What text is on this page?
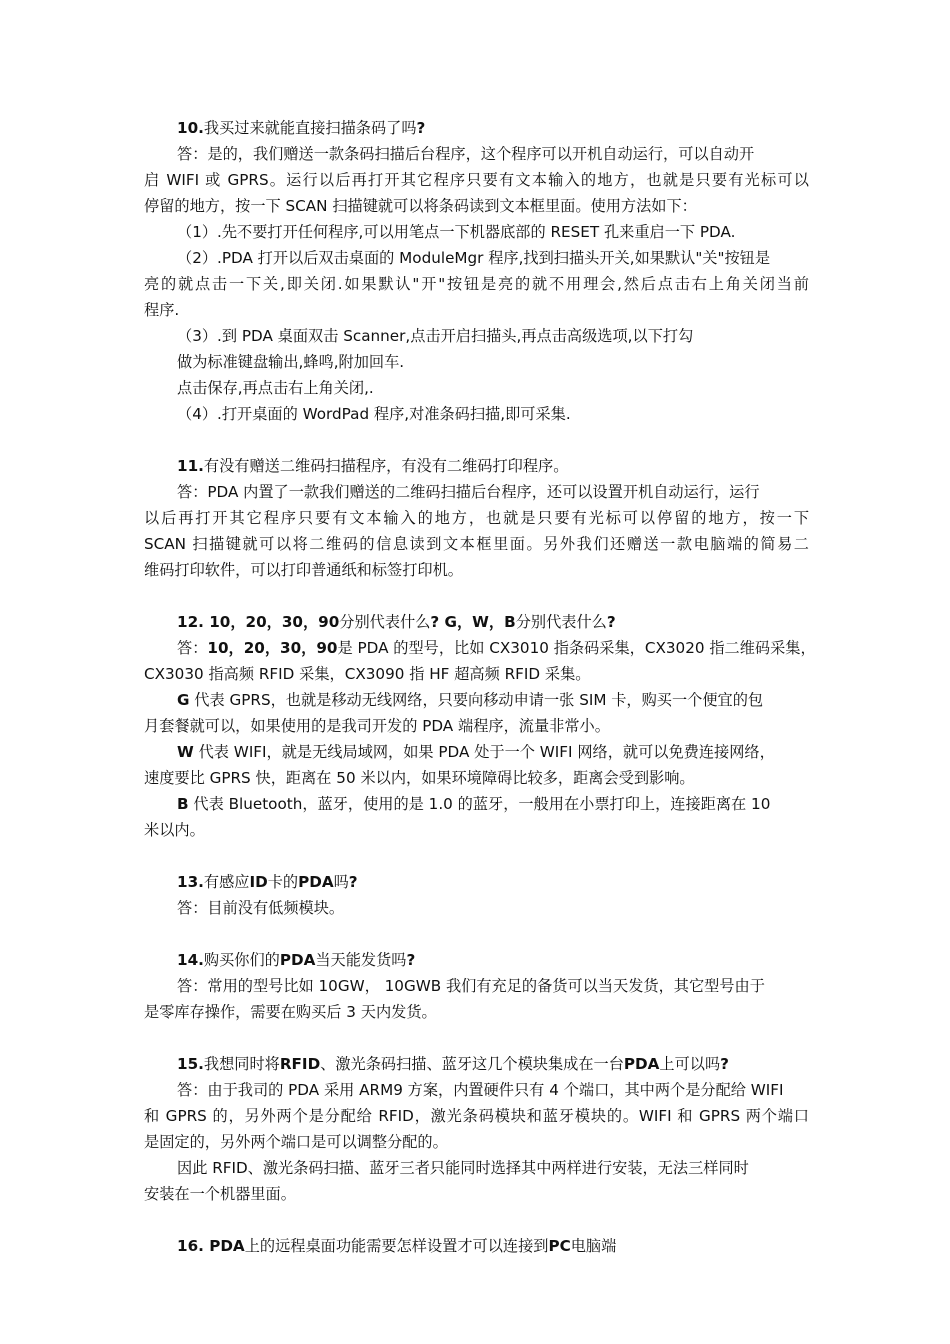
10.我买过来就能直接扫描条码了吗?
答：是的，我们赠送一款条码扫描后台程序，这个程序可以开机自动运行，可以自动开
启 WIFI 或 GPRS。运行以后再打开其它程序只要有文本输入的地方，也就是只要有光标可以
停留的地方，按一下 SCAN 扫描键就可以将条码读到文本框里面。使用方法如下：
（1）.先不要打开任何程序,可以用笔点一下机器底部的 RESET 孔来重启一下 PDA.
（2）.PDA 打开以后双击桌面的 ModuleMgr 程序,找到扫描头开关,如果默认"关"按钮是
亮的就点击一下关,即关闭.如果默认"开"按钮是亮的就不用理会,然后点击右上角关闭当前
程序.
（3）.到 PDA 桌面双击 Scanner,点击开启扫描头,再点击高级选项,以下打勾
做为标准键盘输出,蜂鸣,附加回车.
点击保存,再点击右上角关闭,.
（4）.打开桌面的 WordPad 程序,对准条码扫描,即可采集.
11.有没有赠送二维码扫描程序，有没有二维码打印程序。
答：PDA 内置了一款我们赠送的二维码扫描后台程序，还可以设置开机自动运行，运行
以后再打开其它程序只要有文本输入的地方，也就是只要有光标可以停留的地方，按一下
SCAN 扫描键就可以将二维码的信息读到文本框里面。另外我们还赠送一款电脑端的简易二
维码打印软件，可以打印普通纸和标签打印机。
12. 10，20，30，90分别代表什么? G，W，B分别代表什么?
答：10，20，30，90是 PDA 的型号，比如 CX3010 指条码采集，CX3020 指二维码采集，
CX3030 指高频 RFID 采集，CX3090 指 HF 超高频 RFID 采集。
G 代表 GPRS，也就是移动无线网络，只要向移动申请一张 SIM 卡，购买一个便宜的包
月套餐就可以，如果使用的是我司开发的 PDA 端程序，流量非常小。
W 代表 WIFI，就是无线局域网，如果 PDA 处于一个 WIFI 网络，就可以免费连接网络，
速度要比 GPRS 快，距离在 50 米以内，如果环境障碍比较多，距离会受到影响。
B 代表 Bluetooth，蓝牙，使用的是 1.0 的蓝牙，一般用在小票打印上，连接距离在 10
米以内。
13.有感应ID卡的PDA吗?
答：目前没有低频模块。
14.购买你们的PDA当天能发货吗?
答：常用的型号比如 10GW， 10GWB 我们有充足的备货可以当天发货，其它型号由于
是零库存操作，需要在购买后 3 天内发货。
15.我想同时将RFID、激光条码扫描、蓝牙这几个模块集成在一台PDA上可以吗?
答：由于我司的 PDA 采用 ARM9 方案，内置硬件只有 4 个端口，其中两个是分配给 WIFI
和 GPRS 的，另外两个是分配给 RFID，激光条码模块和蓝牙模块的。WIFI 和 GPRS 两个端口
是固定的，另外两个端口是可以调整分配的。
因此 RFID、激光条码扫描、蓝牙三者只能同时选择其中两样进行安装，无法三样同时
安装在一个机器里面。
16. PDA上的远程桌面功能需要怎样设置才可以连接到PC电脑端
